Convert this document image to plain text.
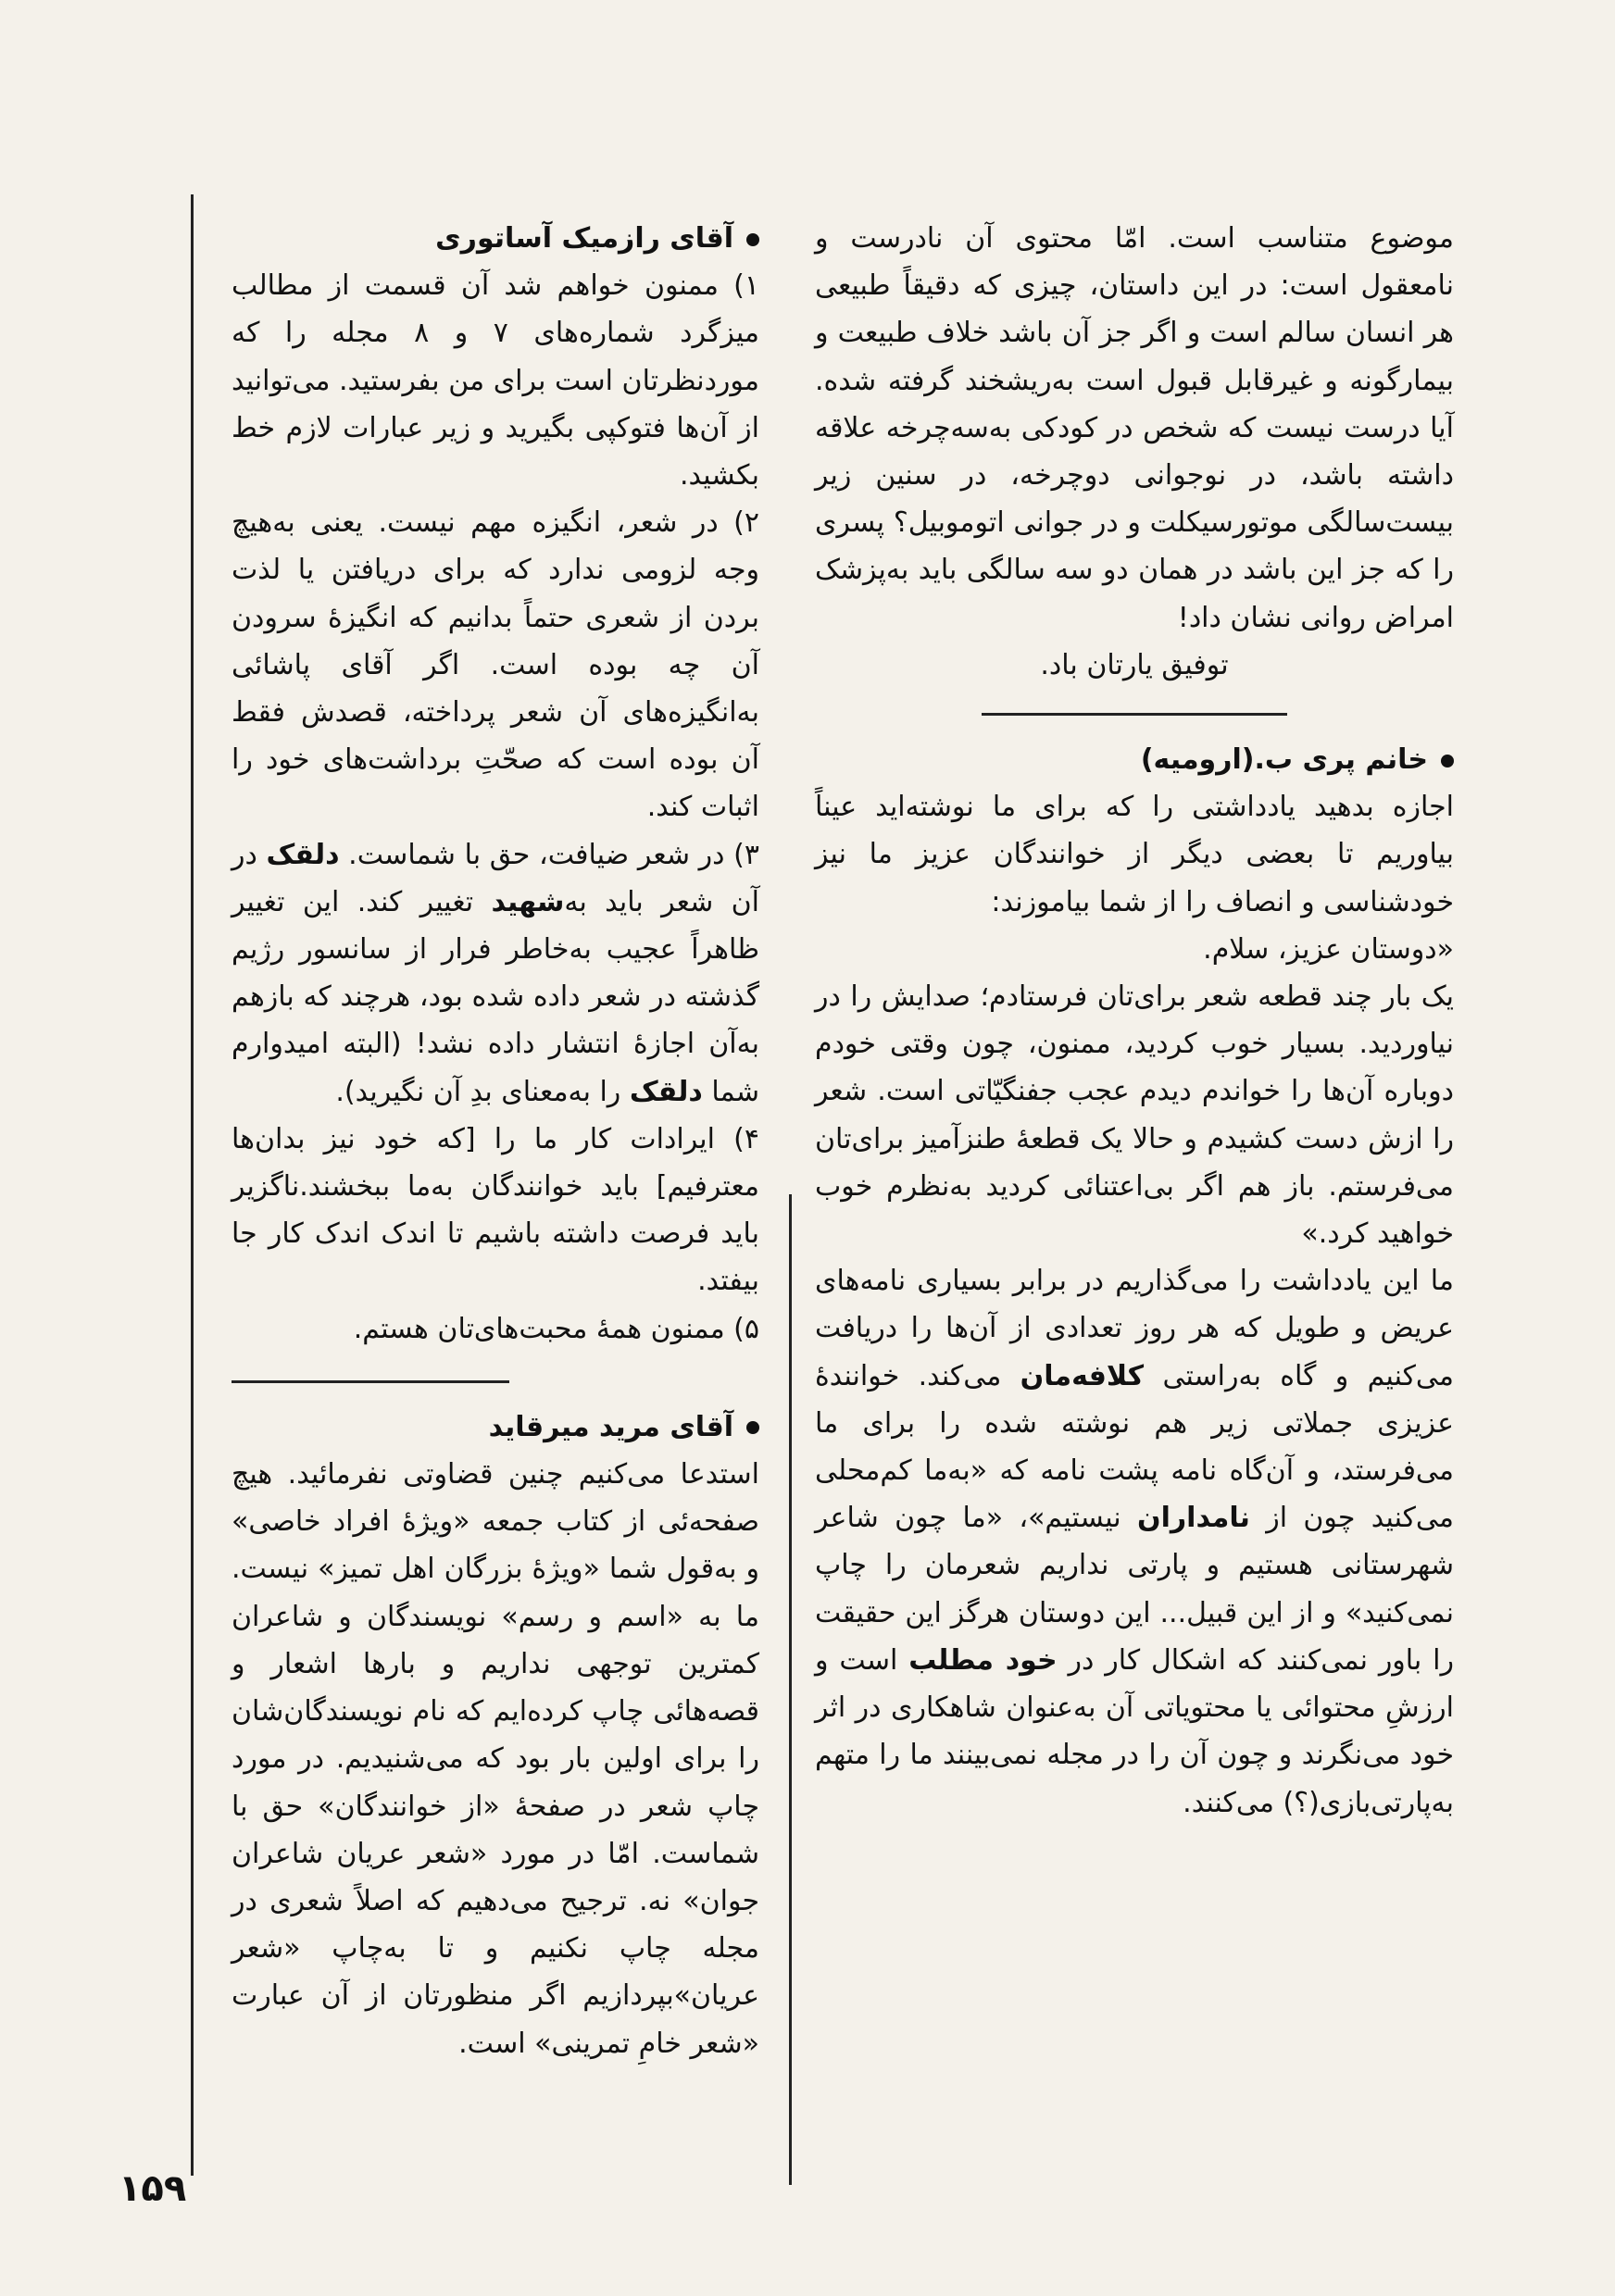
موضوع متناسب است. امّا محتوی آن نادرست و نامعقول است: در این داستان، چیزی که دقیقاً طبیعی هر انسان سالم است و اگر جز آن باشد خلاف طبیعت و بیمارگونه و غیرقابل قبول است به‌ریشخند گرفته شده. آیا درست نیست که شخص در کودکی به‌سه‌چرخه علاقه داشته باشد، در نوجوانی دوچرخه، در سنین زیر بیست‌سالگی موتورسیکلت و در جوانی اتوموبیل؟ پسری را که جز این باشد در همان دو سه سالگی باید به‌پزشک امراض روانی نشان داد!

توفیق یارتان باد.

خانم پری ب.(ارومیه)

اجازه بدهید یادداشتی را که برای ما نوشته‌اید عیناً بیاوریم تا بعضی دیگر از خوانندگان عزیز ما نیز خودشناسی و انصاف را از شما بیاموزند:

«دوستان عزیز، سلام.

یک بار چند قطعه شعر برای‌تان فرستادم؛ صدایش را در نیاوردید. بسیار خوب کردید، ممنون، چون وقتی خودم دوباره آن‌ها را خواندم دیدم عجب جفنگیّاتی است. شعر را ازش دست کشیدم و حالا یک قطعهٔ طنزآمیز برای‌تان می‌فرستم. باز هم اگر بی‌اعتنائی کردید به‌نظرم خوب خواهید کرد.»

ما این یادداشت را می‌گذاریم در برابر بسیاری نامه‌های عریض و طویل که هر روز تعدادی از آن‌ها را دریافت می‌کنیم و گاه به‌راستی کلافه‌مان می‌کند. خوانندهٔ عزیزی جملاتی زیر هم نوشته شده را برای ما می‌فرستد، و آن‌گاه نامه پشت نامه که «به‌ما کم‌محلی می‌کنید چون از نامداران نیستیم»، «ما چون شاعر شهرستانی هستیم و پارتی نداریم شعرمان را چاپ نمی‌کنید» و از این قبیل... این دوستان هرگز این حقیقت را باور نمی‌کنند که اشکال کار در خود مطلب است و ارزشِ محتوائی یا محتویاتی آن به‌عنوان شاهکاری در اثر خود می‌نگرند و چون آن را در مجله نمی‌بینند ما را متهم به‌پارتی‌بازی(؟) می‌کنند.

آقای رازمیک آساتوری

۱) ممنون خواهم شد آن قسمت از مطالب میزگرد شماره‌های ۷ و ۸ مجله را که موردنظرتان است برای من بفرستید. می‌توانید از آن‌ها فتوکپی بگیرید و زیر عبارات لازم خط بکشید.

۲) در شعر، انگیزه مهم نیست. یعنی به‌هیچ وجه لزومی ندارد که برای دریافتن یا لذت بردن از شعری حتماً بدانیم که انگیزهٔ سرودن آن چه بوده است. اگر آقای پاشائی به‌انگیزه‌های آن شعر پرداخته، قصدش فقط آن بوده است که صحّتِ برداشت‌های خود را اثبات کند.

۳) در شعر ضیافت، حق با شماست. دلقک در آن شعر باید به‌شهید تغییر کند. این تغییر ظاهراً عجیب به‌خاطر فرار از سانسور رژیم گذشته در شعر داده شده بود، هرچند که بازهم به‌آن اجازهٔ انتشار داده نشد! (البته امیدوارم شما دلقک را به‌معنای بدِ آن نگیرید).

۴) ایرادات کار ما را [که خود نیز بدان‌ها معترفیم] باید خوانندگان به‌ما ببخشند.ناگزیر باید فرصت داشته باشیم تا اندک اندک کار جا بیفتد.

۵) ممنون همهٔ محبت‌های‌تان هستم.

آقای مرید میرقاید

استدعا می‌کنیم چنین قضاوتی نفرمائید. هیچ صفحه‌ئی از کتاب جمعه «ویژهٔ افراد خاصی» و به‌قول شما «ویژهٔ بزرگان اهل تمیز» نیست. ما به «اسم و رسم» نویسندگان و شاعران کمترین توجهی نداریم و بارها اشعار و قصه‌هائی چاپ کرده‌ایم که نام نویسندگان‌شان را برای اولین بار بود که می‌شنیدیم. در مورد چاپ شعر در صفحهٔ «از خوانندگان» حق با شماست. امّا در مورد «شعر عریان شاعران جوان» نه. ترجیح می‌دهیم که اصلاً شعری در مجله چاپ نکنیم و تا به‌چاپ «شعر عریان»بپردازیم اگر منظورتان از آن عبارت «شعر خامِ تمرینی» است.

۱۵۹
